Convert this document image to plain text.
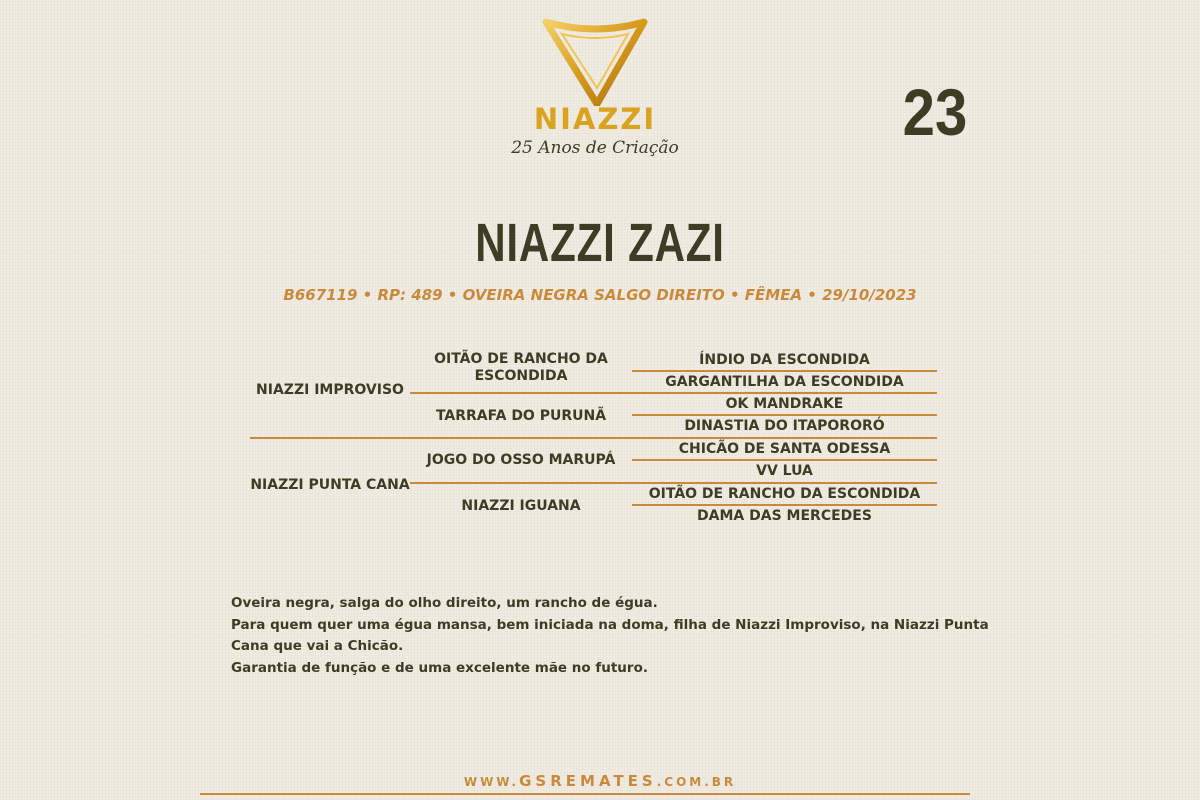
NIAZZI
25 Anos de Criação	23
NIAZZI ZAZI
B667119 • RP: 489 • OVEIRA NEGRA SALGO DIREITO • FÊMEA • 29/10/2023
NIAZZI IMPROVISO
NIAZZI PUNTA CANA
OITÃO DE RANCHO DA ESCONDIDA
TARRAFA DO PURUNÃ
JOGO DO OSSO MARUPÁ
NIAZZI IGUANA
ÍNDIO DA ESCONDIDA
GARGANTILHA DA ESCONDIDA
OK MANDRAKE
DINASTIA DO ITAPORORÓ
CHICÃO DE SANTA ODESSA
VV LUA
OITÃO DE RANCHO DA ESCONDIDA
DAMA DAS MERCEDES

Oveira negra, salga do olho direito, um rancho de égua.

Para quem quer uma égua mansa, bem iniciada na doma, filha de Niazzi Improviso, na Niazzi Punta Cana que vai a Chicão.

Garantia de função e de uma excelente mãe no futuro.

WWW.GSREMATES.COM.BR
